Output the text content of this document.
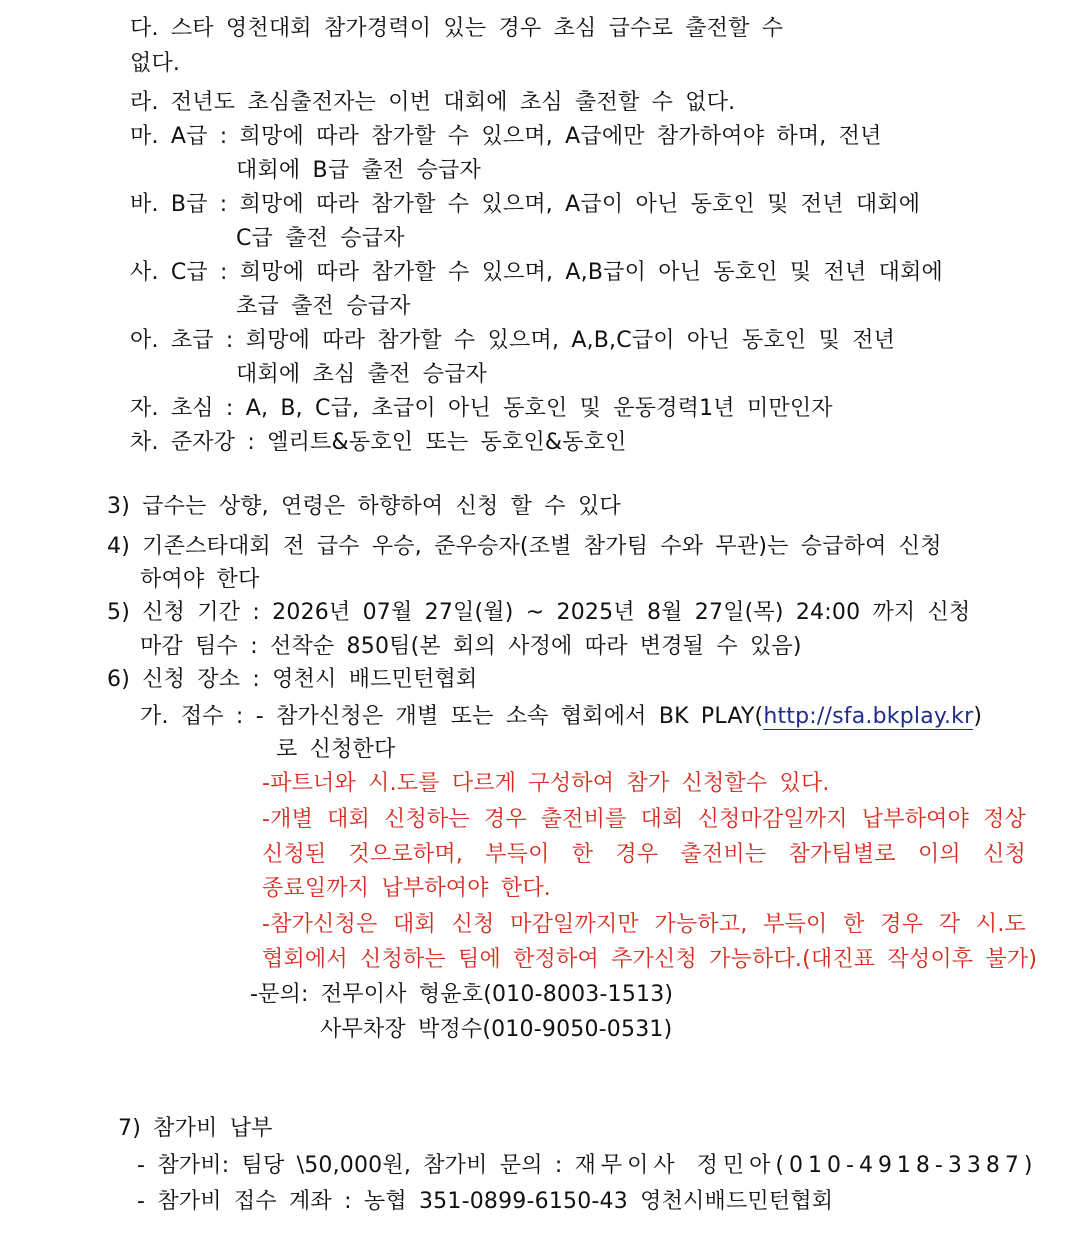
다. 스타 영천대회 참가경력이 있는 경우 초심 급수로 출전할 수
없다.
라. 전년도 초심출전자는 이번 대회에 초심 출전할 수 없다.
마. A급 : 희망에 따라 참가할 수 있으며, A급에만 참가하여야 하며, 전년
대회에 B급 출전 승급자
바. B급 : 희망에 따라 참가할 수 있으며, A급이 아닌 동호인 및 전년 대회에
C급 출전 승급자
사. C급 : 희망에 따라 참가할 수 있으며, A,B급이 아닌 동호인 및 전년 대회에
초급 출전 승급자
아. 초급 : 희망에 따라 참가할 수 있으며, A,B,C급이 아닌 동호인 및 전년
대회에 초심 출전 승급자
자. 초심 : A, B, C급, 초급이 아닌 동호인 및 운동경력1년 미만인자
차. 준자강 : 엘리트&동호인 또는 동호인&동호인
3) 급수는 상향, 연령은 하향하여 신청 할 수 있다
4) 기존스타대회 전 급수 우승, 준우승자(조별 참가팀 수와 무관)는 승급하여 신청
하여야 한다
5) 신청 기간 : 2026년 07월 27일(월) ~ 2025년 8월 27일(목) 24:00 까지 신청
마감 팀수 : 선착순 850팀(본 회의 사정에 따라 변경될 수 있음)
6) 신청 장소 : 영천시 배드민턴협회
가. 접수 : - 참가신청은 개별 또는 소속 협회에서 BK PLAY(http://sfa.bkplay.kr)
로 신청한다
-파트너와 시.도를 다르게 구성하여 참가 신청할수 있다.
-개별 대회 신청하는 경우 출전비를 대회 신청마감일까지 납부하여야 정상
신청된 것으로하며, 부득이 한 경우 출전비는 참가팀별로 이의 신청
종료일까지 납부하여야 한다.
-참가신청은 대회 신청 마감일까지만 가능하고, 부득이 한 경우 각 시.도
협회에서 신청하는 팀에 한정하여 추가신청 가능하다.(대진표 작성이후 불가)
-문의: 전무이사 형윤호(010-8003-1513)
사무차장 박정수(010-9050-0531)
7) 참가비 납부
- 참가비: 팀당 \50,000원, 참가비 문의 : 재무이사 정민아(010-4918-3387)
- 참가비 접수 계좌 : 농협 351-0899-6150-43 영천시배드민턴협회
